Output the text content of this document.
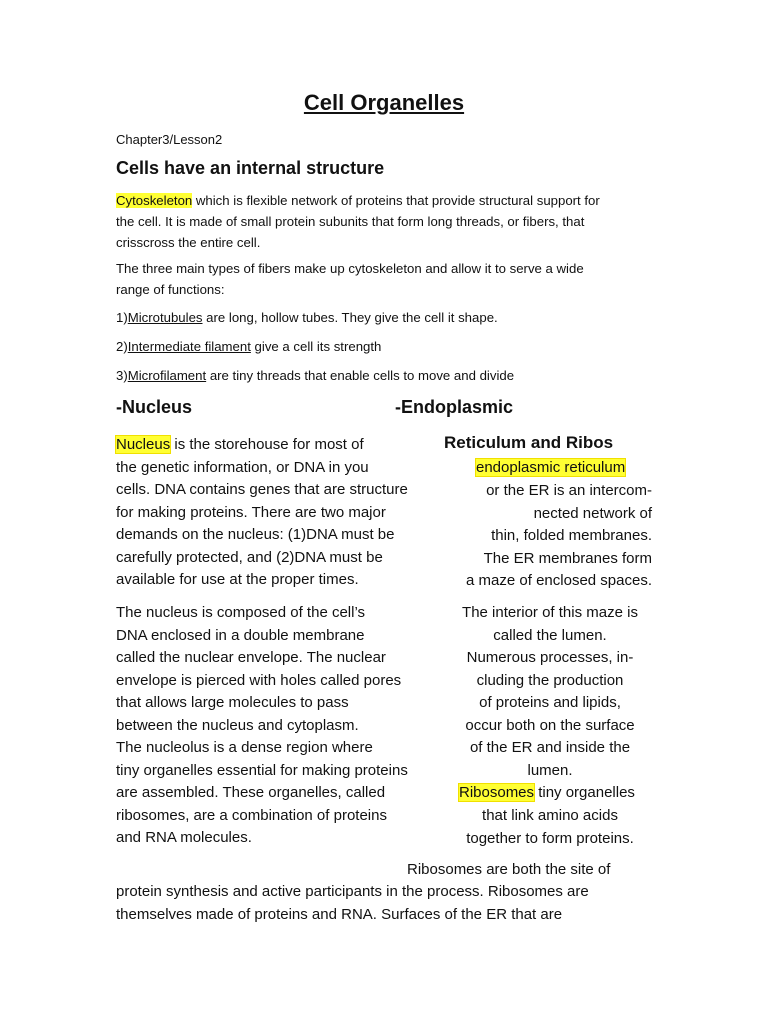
Cell Organelles
Chapter3/Lesson2
Cells have an internal structure

Cytoskeleton which is flexible network of proteins that provide structural support for

the cell. It is made of small protein subunits that form long threads, or fibers, that

crisscross the entire cell.

The three main types of fibers make up cytoskeleton and allow it to serve a wide

range of functions:

1)Microtubules are long, hollow tubes. They give the cell it shape.
2)Intermediate filament give a cell its strength
3)Microfilament are tiny threads that enable cells to move and divide
-Nucleus	-Endoplasmic

Nucleus is the storehouse for most of

the genetic information, or DNA in you

cells. DNA contains genes that are structure

for making proteins. There are two major

demands on the nucleus: (1)DNA must be

carefully protected, and (2)DNA must be

available for use at the proper times.

The nucleus is composed of the cell’s

DNA enclosed in a double membrane

called the nuclear envelope. The nuclear

envelope is pierced with holes called pores

that allows large molecules to pass

between the nucleus and cytoplasm.

The nucleolus is a dense region where

tiny organelles essential for making proteins

are assembled. These organelles, called

ribosomes, are a combination of proteins

and RNA molecules.

Reticulum and Ribos
endoplasmic reticulum

or the ER is an intercom-

nected network of

thin, folded membranes.

The ER membranes form

a maze of enclosed spaces.

The interior of this maze is

called the lumen.

Numerous processes, in-

cluding the production

of proteins and lipids,

occur both on the surface

of the ER and inside the

lumen.

Ribosomes tiny organelles

that link amino acids

together to form proteins.

Ribosomes are both the site of
protein synthesis and active participants in the process. Ribosomes are
themselves made of proteins and RNA. Surfaces of the ER that are
